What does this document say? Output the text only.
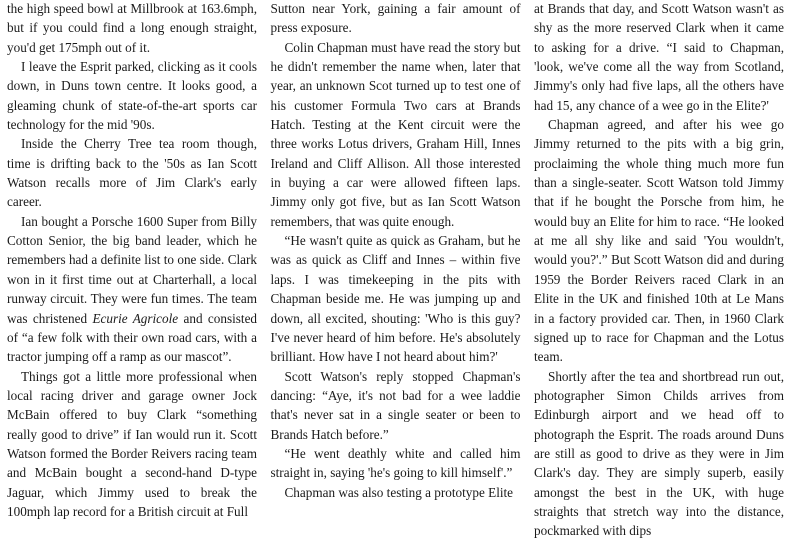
the high speed bowl at Millbrook at 163.6mph, but if you could find a long enough straight, you'd get 175mph out of it.

I leave the Esprit parked, clicking as it cools down, in Duns town centre. It looks good, a gleaming chunk of state-of-the-art sports car technology for the mid '90s.

Inside the Cherry Tree tea room though, time is drifting back to the '50s as Ian Scott Watson recalls more of Jim Clark's early career.

Ian bought a Porsche 1600 Super from Billy Cotton Senior, the big band leader, which he remembers had a definite list to one side. Clark won in it first time out at Charterhall, a local runway circuit. They were fun times. The team was christened Ecurie Agricole and consisted of “a few folk with their own road cars, with a tractor jumping off a ramp as our mascot”.

Things got a little more professional when local racing driver and garage owner Jock McBain offered to buy Clark “something really good to drive” if Ian would run it. Scott Watson formed the Border Reivers racing team and McBain bought a second-hand D-type Jaguar, which Jimmy used to break the 100mph lap record for a British circuit at Full

Sutton near York, gaining a fair amount of press exposure.

Colin Chapman must have read the story but he didn't remember the name when, later that year, an unknown Scot turned up to test one of his customer Formula Two cars at Brands Hatch. Testing at the Kent circuit were the three works Lotus drivers, Graham Hill, Innes Ireland and Cliff Allison. All those interested in buying a car were allowed fifteen laps. Jimmy only got five, but as Ian Scott Watson remembers, that was quite enough.

“He wasn't quite as quick as Graham, but he was as quick as Cliff and Innes – within five laps. I was timekeeping in the pits with Chapman beside me. He was jumping up and down, all excited, shouting: 'Who is this guy? I've never heard of him before. He's absolutely brilliant. How have I not heard about him?'

Scott Watson's reply stopped Chapman's dancing: “Aye, it's not bad for a wee laddie that's never sat in a single seater or been to Brands Hatch before.”

“He went deathly white and called him straight in, saying 'he's going to kill himself'.”

Chapman was also testing a prototype Elite

at Brands that day, and Scott Watson wasn't as shy as the more reserved Clark when it came to asking for a drive. “I said to Chapman, 'look, we've come all the way from Scotland, Jimmy's only had five laps, all the others have had 15, any chance of a wee go in the Elite?'

Chapman agreed, and after his wee go Jimmy returned to the pits with a big grin, proclaiming the whole thing much more fun than a single-seater. Scott Watson told Jimmy that if he bought the Porsche from him, he would buy an Elite for him to race. “He looked at me all shy like and said 'You wouldn't, would you?'.” But Scott Watson did and during 1959 the Border Reivers raced Clark in an Elite in the UK and finished 10th at Le Mans in a factory provided car. Then, in 1960 Clark signed up to race for Chapman and the Lotus team.

Shortly after the tea and shortbread run out, photographer Simon Childs arrives from Edinburgh airport and we head off to photograph the Esprit. The roads around Duns are still as good to drive as they were in Jim Clark's day. They are simply superb, easily amongst the best in the UK, with huge straights that stretch way into the distance, pockmarked with dips
